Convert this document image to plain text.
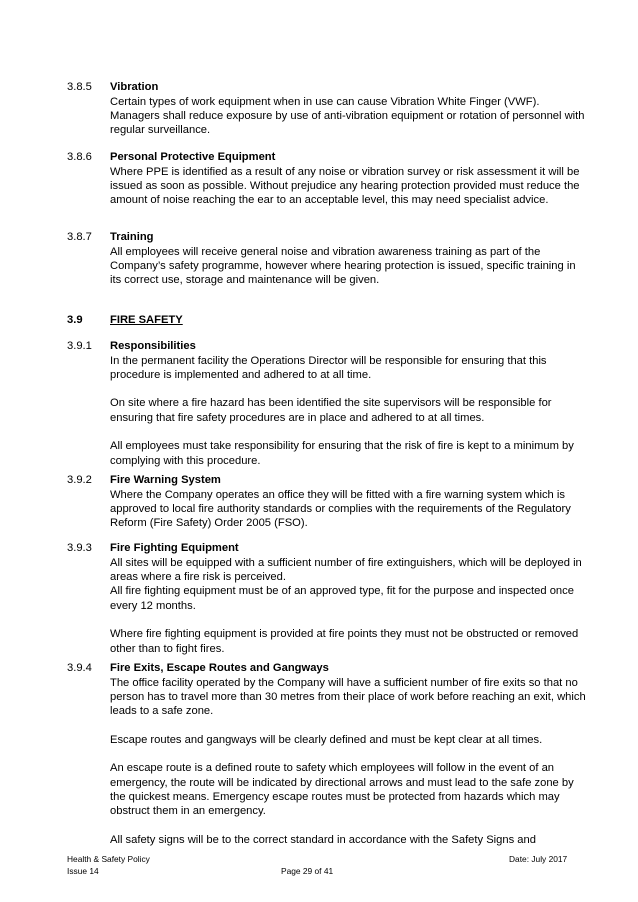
3.8.5 Vibration

Certain types of work equipment when in use can cause Vibration White Finger (VWF). Managers shall reduce exposure by use of anti-vibration equipment or rotation of personnel with regular surveillance.

3.8.6 Personal Protective Equipment

Where PPE is identified as a result of any noise or vibration survey or risk assessment it will be issued as soon as possible. Without prejudice any hearing protection provided must reduce the amount of noise reaching the ear to an acceptable level, this may need specialist advice.

3.8.7 Training

All employees will receive general noise and vibration awareness training as part of the Company’s safety programme, however where hearing protection is issued, specific training in its correct use, storage and maintenance will be given.

3.9 FIRE SAFETY
3.9.1 Responsibilities

In the permanent facility the Operations Director will be responsible for ensuring that this procedure is implemented and adhered to at all time.

On site where a fire hazard has been identified the site supervisors will be responsible for ensuring that fire safety procedures are in place and adhered to at all times.

All employees must take responsibility for ensuring that the risk of fire is kept to a minimum by complying with this procedure.

3.9.2 Fire Warning System

Where the Company operates an office they will be fitted with a fire warning system which is approved to local fire authority standards or complies with the requirements of the Regulatory Reform (Fire Safety) Order 2005 (FSO).

3.9.3 Fire Fighting Equipment

All sites will be equipped with a sufficient number of fire extinguishers, which will be deployed in areas where a fire risk is perceived.

All fire fighting equipment must be of an approved type, fit for the purpose and inspected once every 12 months.

Where fire fighting equipment is provided at fire points they must not be obstructed or removed other than to fight fires.

3.9.4 Fire Exits, Escape Routes and Gangways

The office facility operated by the Company will have a sufficient number of fire exits so that no person has to travel more than 30 metres from their place of work before reaching an exit, which leads to a safe zone.

Escape routes and gangways will be clearly defined and must be kept clear at all times.

An escape route is a defined route to safety which employees will follow in the event of an emergency, the route will be indicated by directional arrows and must lead to the safe zone by the quickest means. Emergency escape routes must be protected from hazards which may obstruct them in an emergency.

All safety signs will be to the correct standard in accordance with the Safety Signs and

Health & Safety Policy
Issue 14	Page 29 of 41
Date: July 2017
